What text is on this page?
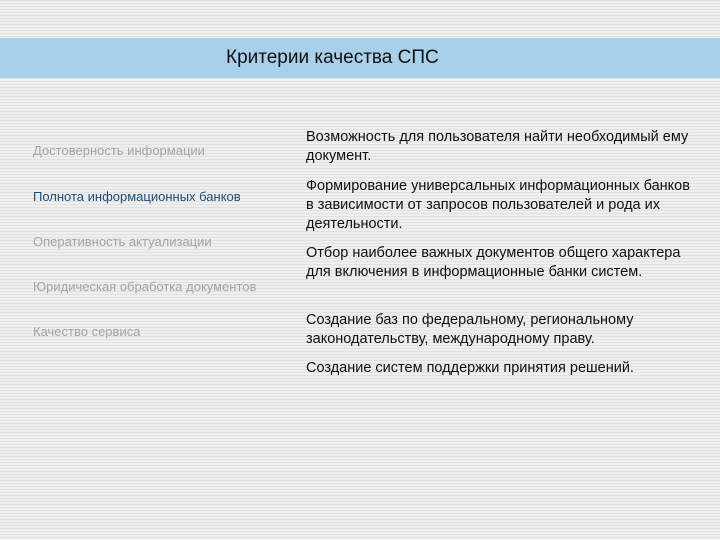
Критерии качества СПС
Достоверность информации
Полнота информационных банков
Оперативность актуализации
Юридическая обработка документов
Качество сервиса
Возможность для пользователя найти необходимый ему документ.
Формирование универсальных информационных банков в зависимости от запросов пользователей и рода их деятельности.
Отбор наиболее важных документов общего характера для включения в информационные банки систем.
Создание баз по федеральному, региональному законодательству, международному праву.
Создание систем поддержки принятия решений.
